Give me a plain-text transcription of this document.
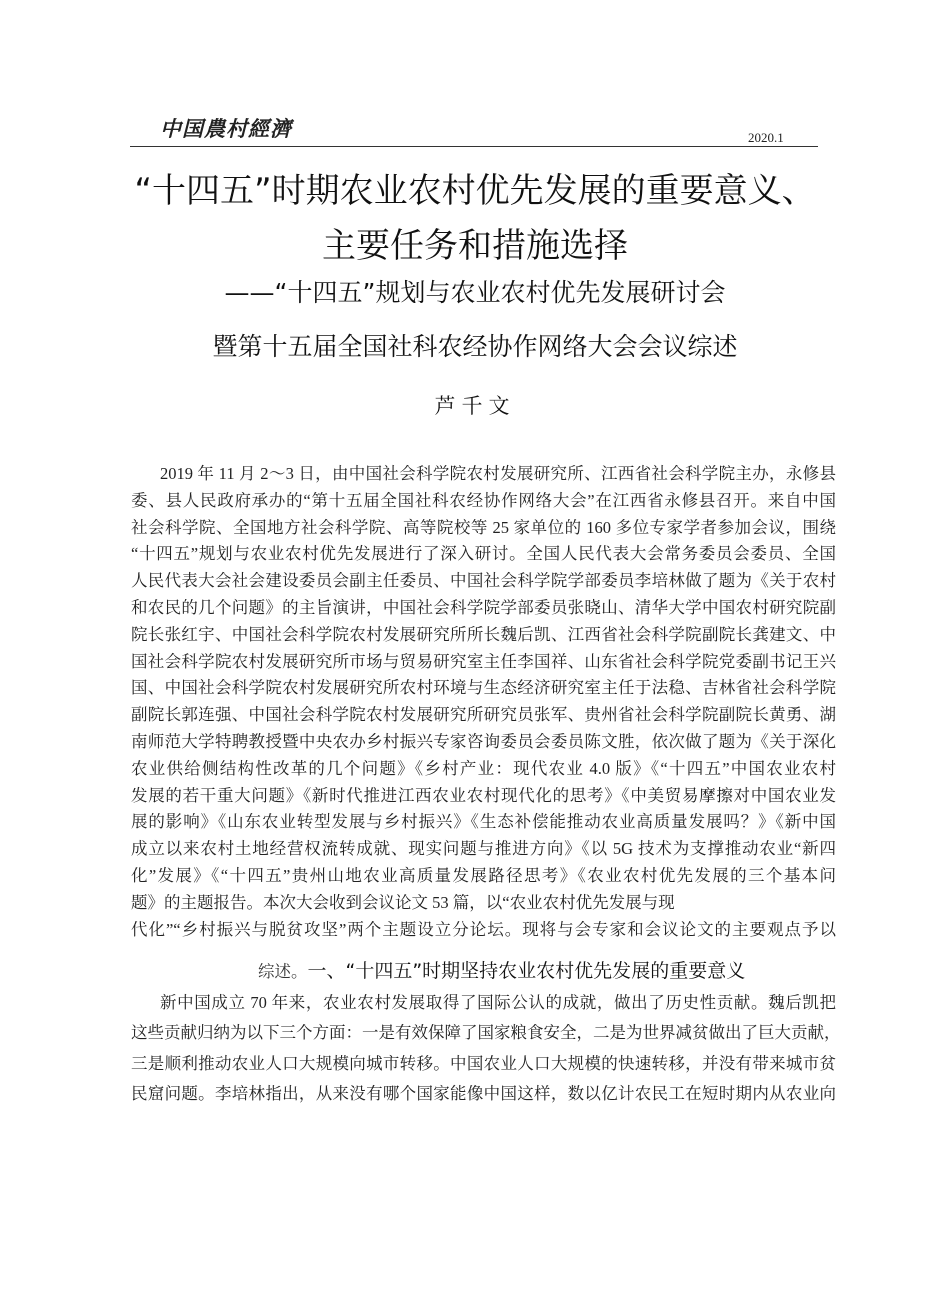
中国農村經濟	2020.1
“十四五”时期农业农村优先发展的重要意义、
主要任务和措施选择
——“十四五”规划与农业农村优先发展研讨会
暨第十五届全国社科农经协作网络大会会议综述
芦千文
2019 年 11 月 2～3 日，由中国社会科学院农村发展研究所、江西省社会科学院主办，永修县
委、县人民政府承办的“第十五届全国社科农经协作网络大会”在江西省永修县召开。来自中国
社会科学院、全国地方社会科学院、高等院校等 25 家单位的 160 多位专家学者参加会议，围绕
“十四五”规划与农业农村优先发展进行了深入研讨。全国人民代表大会常务委员会委员、全国
人民代表大会社会建设委员会副主任委员、中国社会科学院学部委员李培林做了题为《关于农村
和农民的几个问题》的主旨演讲，中国社会科学院学部委员张晓山、清华大学中国农村研究院副
院长张红宇、中国社会科学院农村发展研究所所长魏后凯、江西省社会科学院副院长龚建文、中
国社会科学院农村发展研究所市场与贸易研究室主任李国祥、山东省社会科学院党委副书记王兴
国、中国社会科学院农村发展研究所农村环境与生态经济研究室主任于法稳、吉林省社会科学院
副院长郭连强、中国社会科学院农村发展研究所研究员张军、贵州省社会科学院副院长黄勇、湖
南师范大学特聘教授暨中央农办乡村振兴专家咨询委员会委员陈文胜，依次做了题为《关于深化
农业供给侧结构性改革的几个问题》《乡村产业：现代农业 4.0 版》《“十四五”中国农业农村
发展的若干重大问题》《新时代推进江西农业农村现代化的思考》《中美贸易摩擦对中国农业发
展的影响》《山东农业转型发展与乡村振兴》《生态补偿能推动农业高质量发展吗？》《新中国
成立以来农村土地经营权流转成就、现实问题与推进方向》《以 5G 技术为支撑推动农业“新四
化”发展》《“十四五”贵州山地农业高质量发展路径思考》《农业农村优先发展的三个基本问
题》的主题报告。本次大会收到会议论文 53 篇，以“农业农村优先发展与现
代化”“乡村振兴与脱贫攻坚”两个主题设立分论坛。现将与会专家和会议论文的主要观点予以
综述。一、“十四五”时期坚持农业农村优先发展的重要意义
新中国成立 70 年来，农业农村发展取得了国际公认的成就，做出了历史性贡献。魏后凯把
这些贡献归纳为以下三个方面：一是有效保障了国家粮食安全，二是为世界减贫做出了巨大贡献，
三是顺利推动农业人口大规模向城市转移。中国农业人口大规模的快速转移，并没有带来城市贫
民窟问题。李培林指出，从来没有哪个国家能像中国这样，数以亿计农民工在短时期内从农业向
